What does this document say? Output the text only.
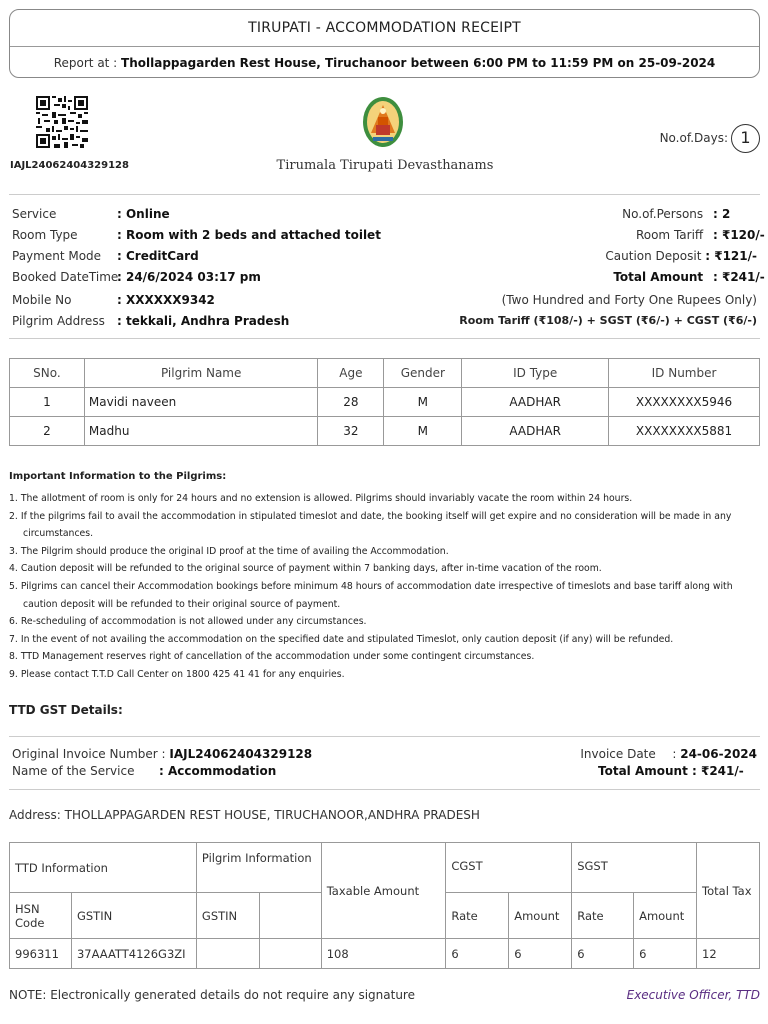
TIRUPATI - ACCOMMODATION RECEIPT
Report at : Thollappagarden Rest House, Tiruchanoor between 6:00 PM to 11:59 PM on 25-09-2024
IAJL24062404329128	Tirumala Tirupati Devasthanams
No.of.Days: 1
Service	: Online
Room Type	: Room with 2 beds and attached toilet
Payment Mode	: CreditCard
Booked DateTime
: 24/6/2024 03:17 pm
Mobile No	: XXXXXX9342
Pilgrim Address	: tekkali, Andhra Pradesh
No.of.Persons : 2
Room Tariff : ₹120/-
Caution Deposit : ₹121/-
Total Amount : ₹241/-
(Two Hundred and Forty One Rupees Only)
Room Tariff (₹108/-) + SGST (₹6/-) + CGST (₹6/-)
SNo.	Pilgrim Name	Age	Gender	ID Type	ID Number
1	Mavidi naveen	28	M	AADHAR	XXXXXXXX5946
2	Madhu	32	M	AADHAR	XXXXXXXX5881
Important Information to the Pilgrims:
1. The allotment of room is only for 24 hours and no extension is allowed. Pilgrims should invariably vacate the room within 24 hours.
2. If the pilgrims fail to avail the accommodation in stipulated timeslot and date, the booking itself will get expire and no consideration will be made in any circumstances.
3. The Pilgrim should produce the original ID proof at the time of availing the Accommodation.
4. Caution deposit will be refunded to the original source of payment within 7 banking days, after in-time vacation of the room.
5. Pilgrims can cancel their Accommodation bookings before minimum 48 hours of accommodation date irrespective of timeslots and base tariff along with caution deposit will be refunded to their original source of payment.
6. Re-scheduling of accommodation is not allowed under any circumstances.
7. In the event of not availing the accommodation on the specified date and stipulated Timeslot, only caution deposit (if any) will be refunded.
8. TTD Management reserves right of cancellation of the accommodation under some contingent circumstances.
9. Please contact T.T.D Call Center on 1800 425 41 41 for any enquiries.
TTD GST Details:
Original Invoice Number : IAJL24062404329128
Name of the Service : Accommodation
Invoice Date : 24-06-2024
Total Amount : ₹241/-
Address: THOLLAPPAGARDEN REST HOUSE, TIRUCHANOOR,ANDHRA PRADESH
TTD Information		Pilgrim Information		Taxable Amount	CGST		SGST		Total Tax
HSN Code	GSTIN	GSTIN			Rate	Amount	Rate	Amount	
996311	37AAATT4126G3ZI			108	6	6	6	6	12
NOTE: Electronically generated details do not require any signature	Executive Officer, TTD
